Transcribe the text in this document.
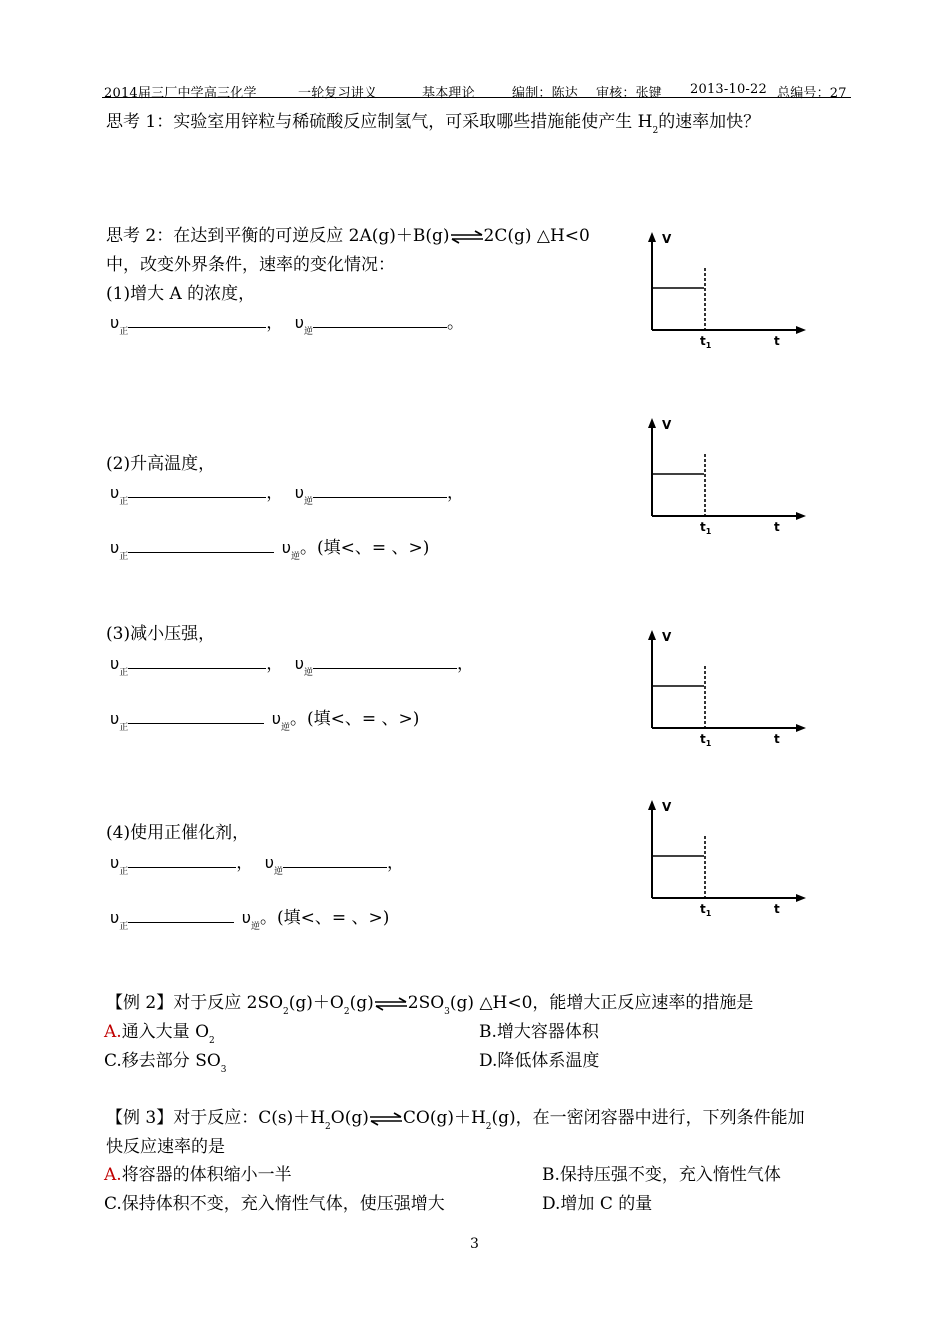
2014届三厂中学高三化学	一轮复习讲义	基本理论	编制：陈达 审核：张键 2013-10-22 总编号：27
思考 1：实验室用锌粒与稀硫酸反应制氢气，可采取哪些措施能使产生 $H_2$的速率加快？
思考 2：在达到平衡的可逆反应 2A(g)＋B(g)⇌2C(g) △H<0
中，改变外界条件，速率的变化情况：
(1)增大 A 的浓度，
$\upsilon_正$	， $\upsilon_逆$	。
(2)升高温度，
$\upsilon_正$	， $\upsilon_逆$	，
$\upsilon_正$	$\upsilon_逆$。(填<、= 、>)
(3)减小压强，
$\upsilon_正$	， $\upsilon_逆$	，
$\upsilon_正$	$\upsilon_逆$。(填<、= 、>)
(4)使用正催化剂，
$\upsilon_正$	， $\upsilon_逆$	，
$\upsilon_正$	$\upsilon_逆$。(填<、= 、>)
V
t
$t_1$
V
t
$t_1$
V
t
$t_1$
V
t
$t_1$
【例 2】对于反应 $2SO_2(g)+O_2(g)\rightleftharpoons 2SO_3(g)$ △H<0，能增大正反应速率的措施是
A.通入大量 $O_2$	B.增大容器体积
C.移去部分 $SO_3$	D.降低体系温度
【例 3】对于反应：$C(s)+H_2O(g)\rightleftharpoons CO(g)+H_2(g)$，在一密闭容器中进行，下列条件能加
快反应速率的是
A.将容器的体积缩小一半	B.保持压强不变，充入惰性气体
C.保持体积不变，充入惰性气体，使压强增大	D.增加 C 的量
3
